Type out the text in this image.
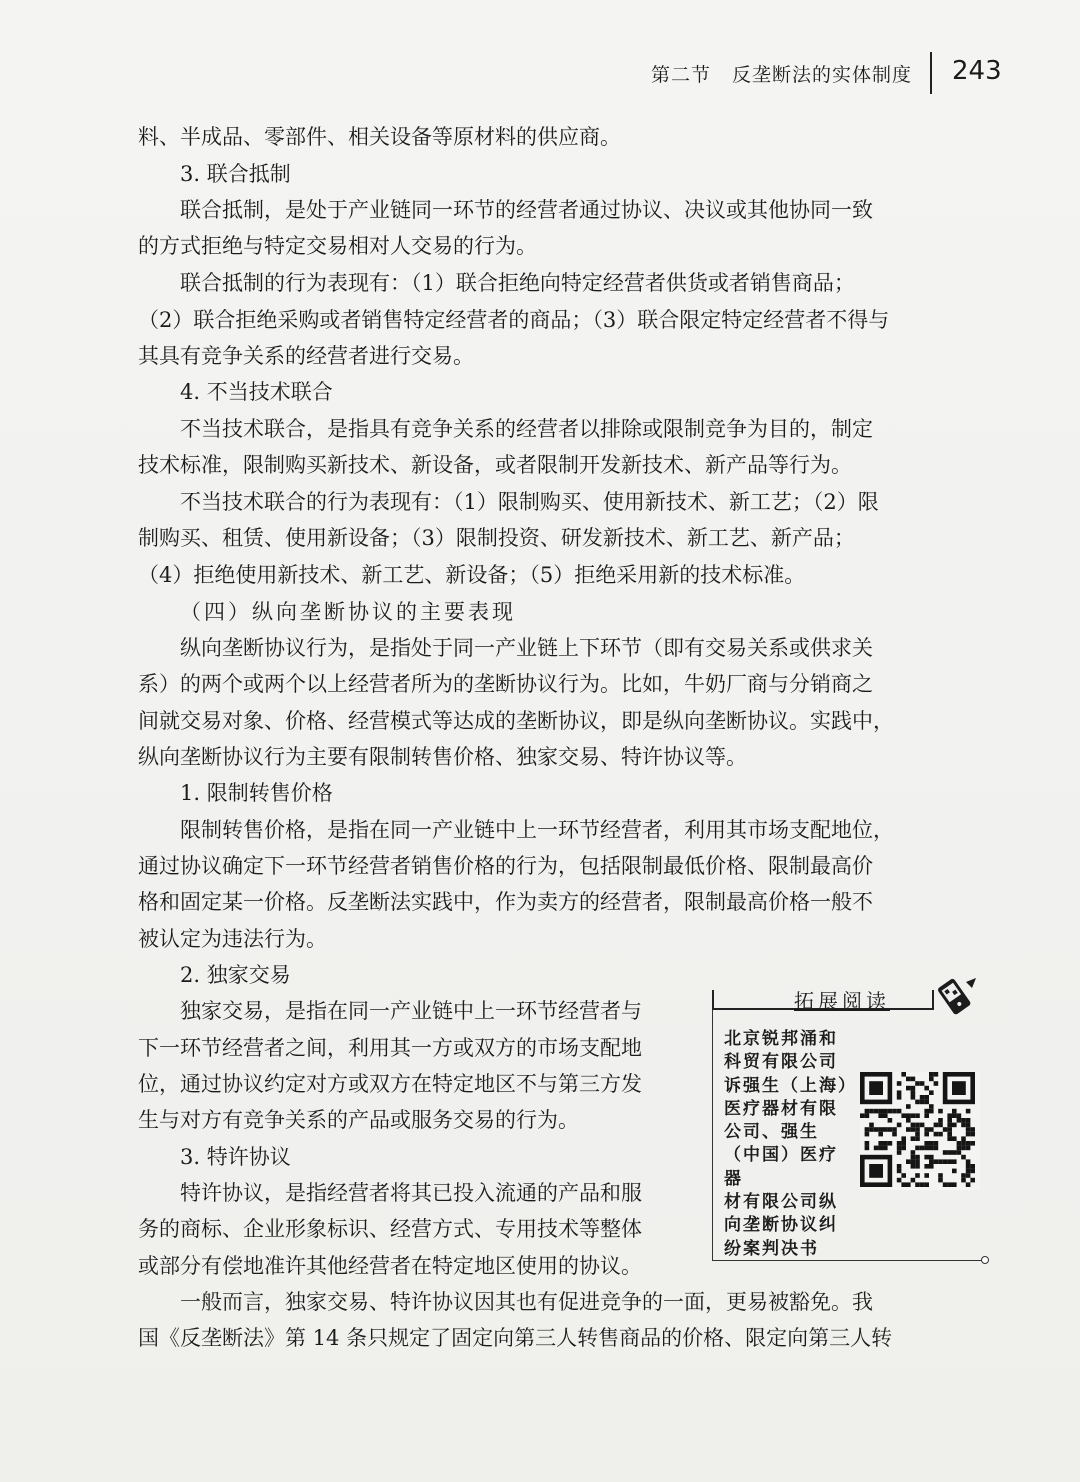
第二节 反垄断法的实体制度 243
料、半成品、零部件、相关设备等原材料的供应商。
3. 联合抵制
联合抵制，是处于产业链同一环节的经营者通过协议、决议或其他协同一致
的方式拒绝与特定交易相对人交易的行为。
联合抵制的行为表现有：（1）联合拒绝向特定经营者供货或者销售商品；
（2）联合拒绝采购或者销售特定经营者的商品；（3）联合限定特定经营者不得与
其具有竞争关系的经营者进行交易。
4. 不当技术联合
不当技术联合，是指具有竞争关系的经营者以排除或限制竞争为目的，制定
技术标准，限制购买新技术、新设备，或者限制开发新技术、新产品等行为。
不当技术联合的行为表现有：（1）限制购买、使用新技术、新工艺；（2）限
制购买、租赁、使用新设备；（3）限制投资、研发新技术、新工艺、新产品；
（4）拒绝使用新技术、新工艺、新设备；（5）拒绝采用新的技术标准。
（四）纵向垄断协议的主要表现
纵向垄断协议行为，是指处于同一产业链上下环节（即有交易关系或供求关
系）的两个或两个以上经营者所为的垄断协议行为。比如，牛奶厂商与分销商之
间就交易对象、价格、经营模式等达成的垄断协议，即是纵向垄断协议。实践中，
纵向垄断协议行为主要有限制转售价格、独家交易、特许协议等。
1. 限制转售价格
限制转售价格，是指在同一产业链中上一环节经营者，利用其市场支配地位，
通过协议确定下一环节经营者销售价格的行为，包括限制最低价格、限制最高价
格和固定某一价格。反垄断法实践中，作为卖方的经营者，限制最高价格一般不
被认定为违法行为。
2. 独家交易
独家交易，是指在同一产业链中上一环节经营者与
下一环节经营者之间，利用其一方或双方的市场支配地
位，通过协议约定对方或双方在特定地区不与第三方发
生与对方有竞争关系的产品或服务交易的行为。
3. 特许协议
特许协议，是指经营者将其已投入流通的产品和服
务的商标、企业形象标识、经营方式、专用技术等整体
或部分有偿地准许其他经营者在特定地区使用的协议。
一般而言，独家交易、特许协议因其也有促进竞争的一面，更易被豁免。我
国《反垄断法》第 14 条只规定了固定向第三人转售商品的价格、限定向第三人转
拓展阅读
北京锐邦涌和
科贸有限公司
诉强生（上海）
医疗器材有限
公司、强生
（中国）医疗器
材有限公司纵
向垄断协议纠
纷案判决书
